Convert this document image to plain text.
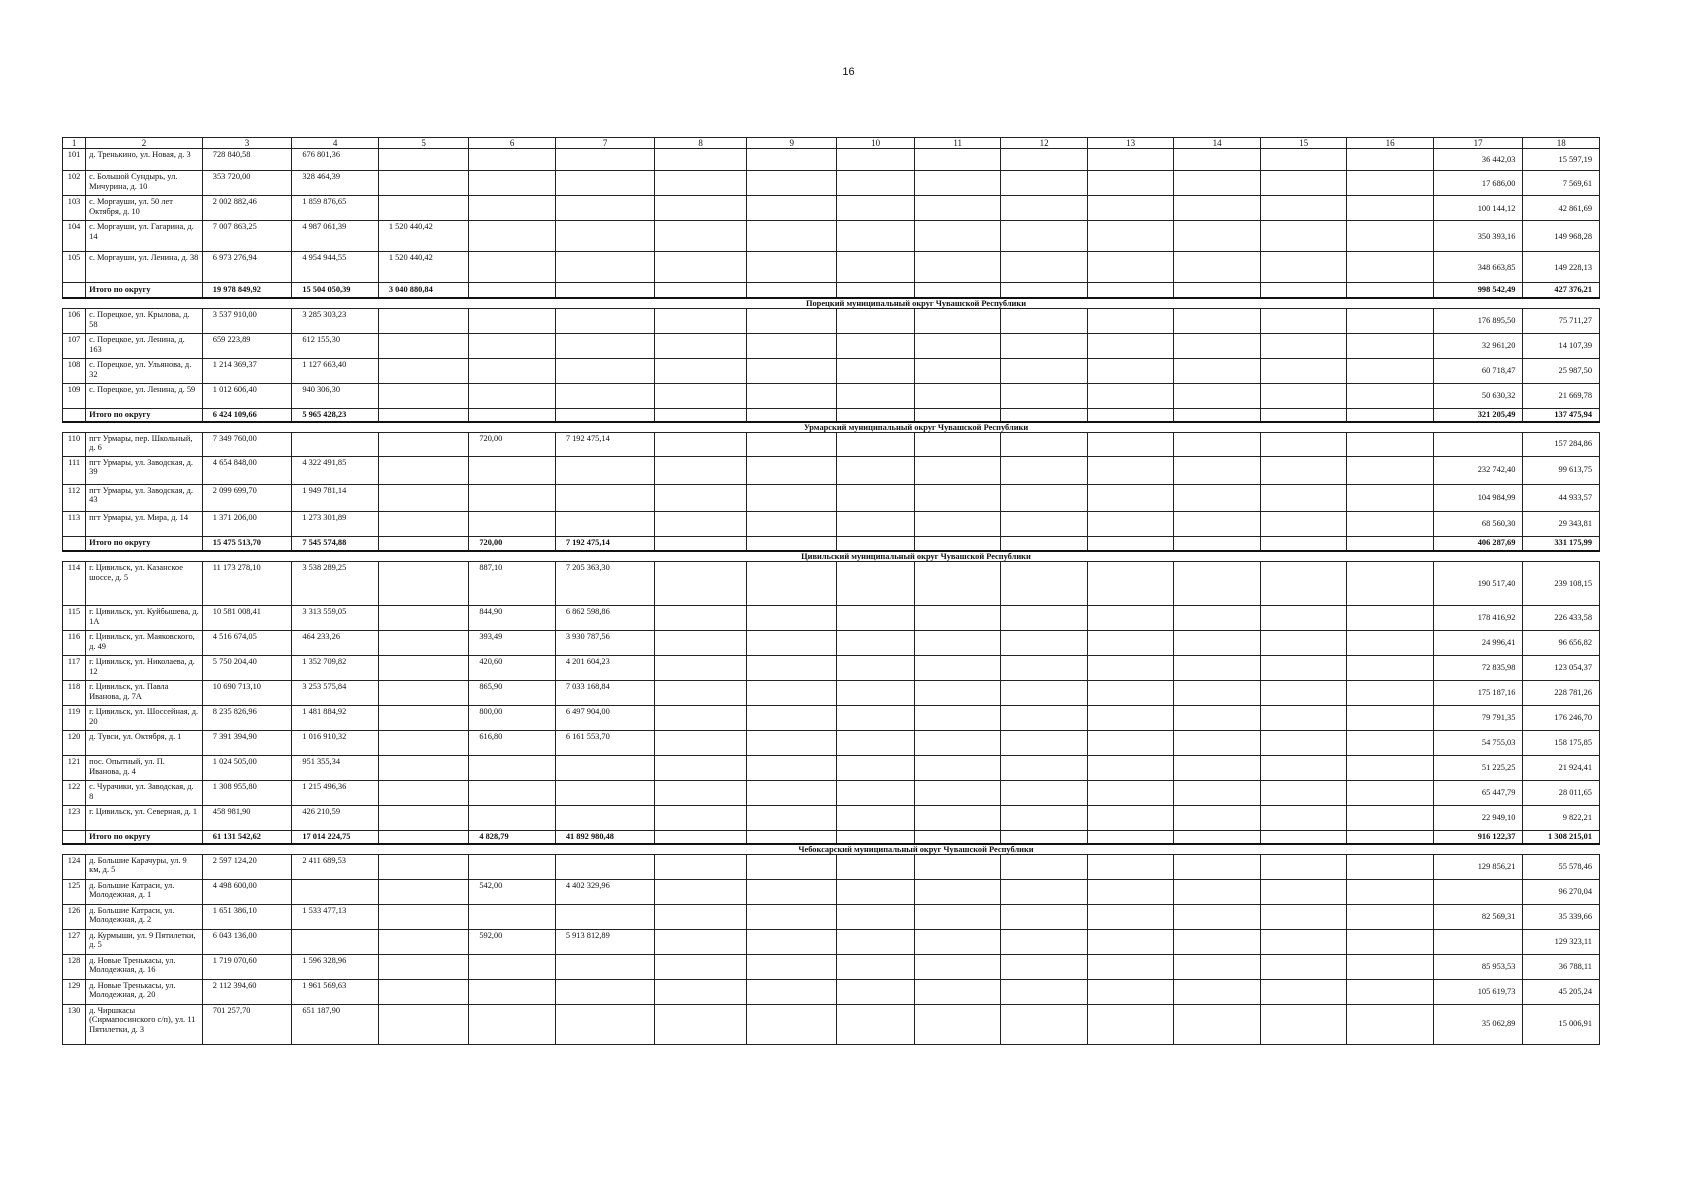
16
1	2	3	4	5	6	7	8	9	10	11	12	13	14	15	16	17	18
101	д. Тренькино, ул. Новая, д. 3	728 840,58	676 801,36													36 442,03	15 597,19
102	с. Большой Сундырь, ул. Мичурина, д. 10	353 720,00	328 464,39													17 686,00	7 569,61
103	с. Моргауши, ул. 50 лет Октября, д. 10	2 002 882,46	1 859 876,65													100 144,12	42 861,69
104	с. Моргауши, ул. Гагарина, д. 14	7 007 863,25	4 987 061,39	1 520 440,42												350 393,16	149 968,28
105	с. Моргауши, ул. Ленина, д. 38	6 973 276,94	4 954 944,55	1 520 440,42												348 663,85	149 228,13
	Итого по округу	19 978 849,92	15 504 050,39	3 040 880,84												998 542,49	427 376,21
Порецкий муниципальный округ Чувашской Республики																	
106	с. Порецкое, ул. Крылова, д. 58	3 537 910,00	3 285 303,23													176 895,50	75 711,27
107	с. Порецкое, ул. Ленина, д. 163	659 223,89	612 155,30													32 961,20	14 107,39
108	с. Порецкое, ул. Ульянова, д. 32	1 214 369,37	1 127 663,40													60 718,47	25 987,50
109	с. Порецкое, ул. Ленина, д. 59	1 012 606,40	940 306,30													50 630,32	21 669,78
	Итого по округу	6 424 109,66	5 965 428,23													321 205,49	137 475,94
Урмарский муниципальный округ Чувашской Республики																	
110	пгт Урмары, пер. Школьный, д. 6	7 349 760,00			720,00	7 192 475,14											157 284,86
111	пгт Урмары, ул. Заводская, д. 39	4 654 848,00	4 322 491,85													232 742,40	99 613,75
112	пгт Урмары, ул. Заводская, д. 43	2 099 699,70	1 949 781,14													104 984,99	44 933,57
113	пгт Урмары, ул. Мира, д. 14	1 371 206,00	1 273 301,89													68 560,30	29 343,81
	Итого по округу	15 475 513,70	7 545 574,88		720,00	7 192 475,14										406 287,69	331 175,99
Цивильский муниципальный округ Чувашской Республики																	
114	г. Цивильск, ул. Казанское шоссе, д. 5	11 173 278,10	3 538 289,25		887,10	7 205 363,30										190 517,40	239 108,15
115	г. Цивильск, ул. Куйбышева, д. 1А	10 581 008,41	3 313 559,05		844,90	6 862 598,86										178 416,92	226 433,58
116	г. Цивильск, ул. Маяковского, д. 49	4 516 674,05	464 233,26		393,49	3 930 787,56										24 996,41	96 656,82
117	г. Цивильск, ул. Николаева, д. 12	5 750 204,40	1 352 709,82		420,60	4 201 604,23										72 835,98	123 054,37
118	г. Цивильск, ул. Павла Иванова, д. 7А	10 690 713,10	3 253 575,84		865,90	7 033 168,84										175 187,16	228 781,26
119	г. Цивильск, ул. Шоссейная, д. 20	8 235 826,96	1 481 884,92		800,00	6 497 904,00										79 791,35	176 246,70
120	д. Тувси, ул. Октября, д. 1	7 391 394,90	1 016 910,32		616,80	6 161 553,70										54 755,03	158 175,85
121	пос. Опытный, ул. П. Иванова, д. 4	1 024 505,00	951 355,34													51 225,25	21 924,41
122	с. Чурачики, ул. Заводская, д. 8	1 308 955,80	1 215 496,36													65 447,79	28 011,65
123	г. Цивильск, ул. Северная, д. 1	458 981,90	426 210,59													22 949,10	9 822,21
	Итого по округу	61 131 542,62	17 014 224,75		4 828,79	41 892 980,48										916 122,37	1 308 215,01
Чебоксарский муниципальный округ Чувашской Республики																	
124	д. Большие Карачуры, ул. 9 км, д. 5	2 597 124,20	2 411 689,53													129 856,21	55 578,46
125	д. Большие Катраси, ул. Молодежная, д. 1	4 498 600,00			542,00	4 402 329,96											96 270,04
126	д. Большие Катраси, ул. Молодежная, д. 2	1 651 386,10	1 533 477,13													82 569,31	35 339,66
127	д. Курмыши, ул. 9 Пятилетки, д. 5	6 043 136,00			592,00	5 913 812,89											129 323,11
128	д. Новые Тренькасы, ул. Молодежная, д. 16	1 719 070,60	1 596 328,96													85 953,53	36 788,11
129	д. Новые Тренькасы, ул. Молодежная, д. 20	2 112 394,60	1 961 569,63													105 619,73	45 205,24
130	д. Чиршкасы (Сирмапосинского с/п), ул. 11 Пятилетки, д. 3	701 257,70	651 187,90													35 062,89	15 006,91
